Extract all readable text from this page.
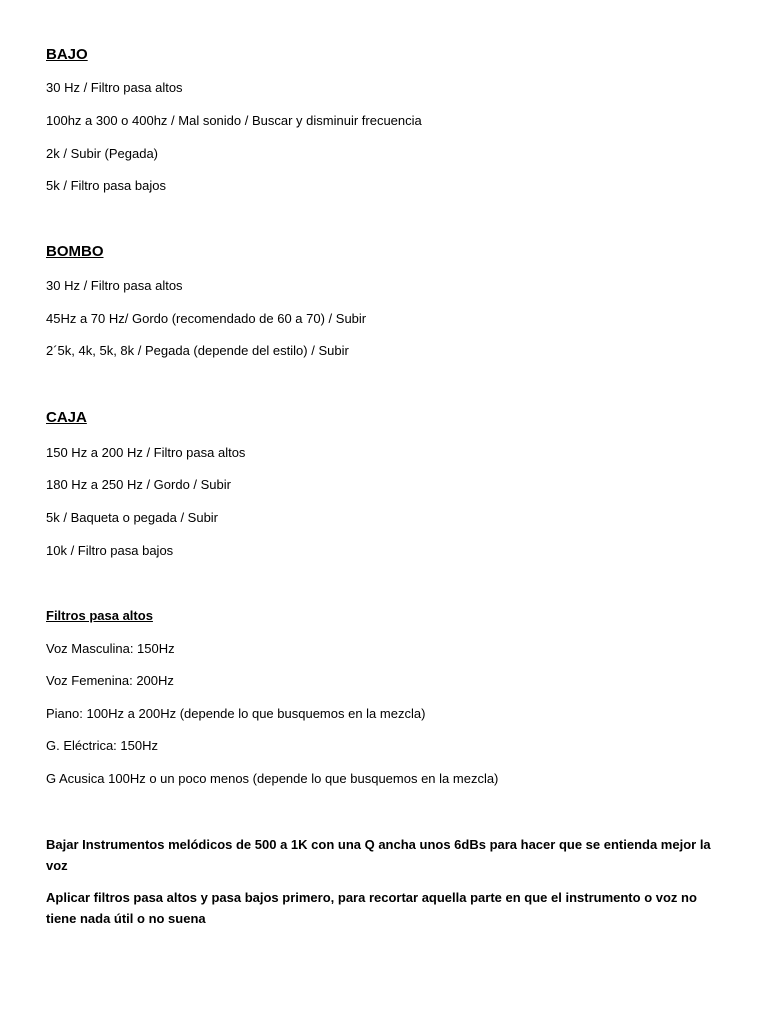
BAJO
30 Hz / Filtro pasa altos
100hz a 300 o 400hz / Mal sonido / Buscar y disminuir frecuencia
2k / Subir (Pegada)
5k / Filtro pasa bajos
BOMBO
30 Hz / Filtro pasa altos
45Hz a 70 Hz/ Gordo (recomendado de 60 a 70) / Subir
2´5k, 4k, 5k, 8k / Pegada (depende del estilo) / Subir
CAJA
150 Hz a 200 Hz / Filtro pasa altos
180 Hz a 250 Hz / Gordo / Subir
5k / Baqueta o pegada / Subir
10k / Filtro pasa bajos
Filtros pasa altos
Voz Masculina: 150Hz
Voz Femenina: 200Hz
Piano: 100Hz a 200Hz (depende lo que busquemos en la mezcla)
G. Eléctrica: 150Hz
G Acusica 100Hz o un poco menos (depende lo que busquemos en la mezcla)
Bajar Instrumentos melódicos de 500 a 1K con una Q ancha unos 6dBs para hacer que se entienda mejor la voz
Aplicar filtros pasa altos y pasa bajos primero, para recortar aquella parte en que el instrumento o voz no tiene nada útil o no suena
